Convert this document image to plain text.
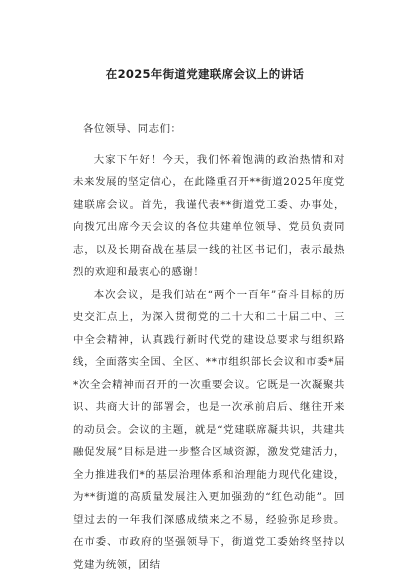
在2025年街道党建联席会议上的讲话

各位领导、同志们：

大家下午好！今天，我们怀着饱满的政治热情和对未来发展的坚定信心，在此隆重召开**街道2025年度党建联席会议。首先，我谨代表**街道党工委、办事处，向拨冗出席今天会议的各位共建单位领导、党员负责同志，以及长期奋战在基层一线的社区书记们，表示最热烈的欢迎和最衷心的感谢！

本次会议，是我们站在“两个一百年”奋斗目标的历史交汇点上，为深入贯彻党的二十大和二十届二中、三中全会精神，认真践行新时代党的建设总要求与组织路线，全面落实全国、全区、**市组织部长会议和市委*届*次全会精神而召开的一次重要会议。它既是一次凝聚共识、共商大计的部署会，也是一次承前启后、继往开来的动员会。会议的主题，就是“党建联席凝共识，共建共融促发展”目标是进一步整合区域资源，激发党建活力，全力推进我们*的基层治理体系和治理能力现代化建设，为**街道的高质量发展注入更加强劲的“红色动能”。回望过去的一年我们深感成绩来之不易，经验弥足珍贵。在市委、市政府的坚强领导下，街道党工委始终坚持以党建为统领，团结
